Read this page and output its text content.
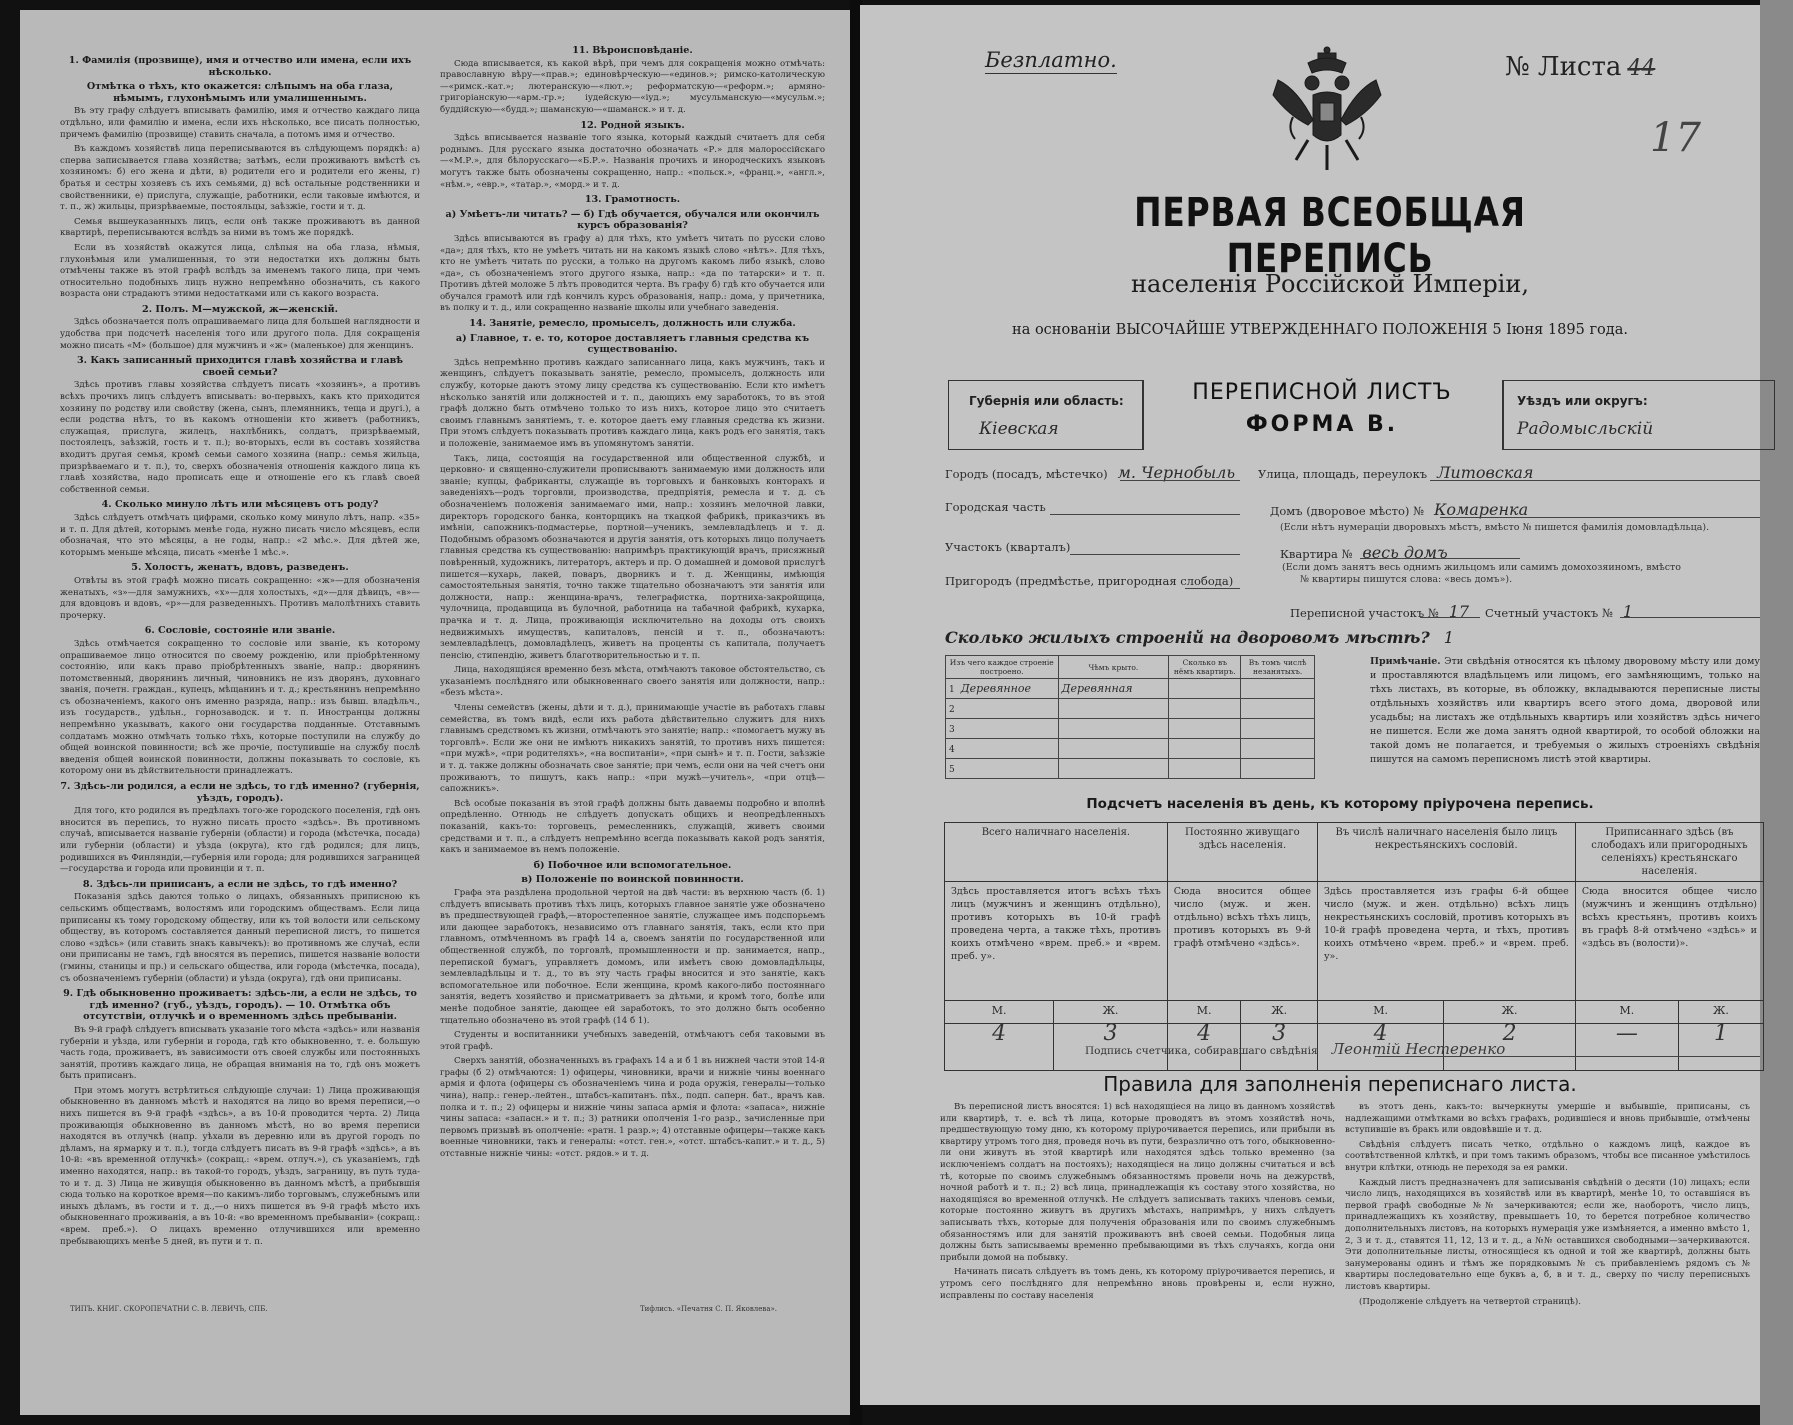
1. Фамилія (прозвище), имя и отчество или имена, если ихъ нѣсколько.
Отмѣтка о тѣхъ, кто окажется: слѣпымъ на оба глаза, нѣмымъ, глухонѣмымъ или умалишеннымъ.

Въ эту графу слѣдуетъ вписывать фамилію, имя и отчество каждаго лица отдѣльно, или фамилію и имена, если ихъ нѣсколько, все писать полностью, причемъ фамилію (прозвище) ставить сначала, а потомъ имя и отчество.

Въ каждомъ хозяйствѣ лица переписываются въ слѣдующемъ порядкѣ: а) сперва записывается глава хозяйства; затѣмъ, если проживаютъ вмѣстѣ съ хозяиномъ: б) его жена и дѣти, в) родители его и родители его жены, г) братья и сестры хозяевъ съ ихъ семьями, д) всѣ остальные родственники и свойственники, е) прислуга, служащіе, работники, если таковые имѣются, и т. п., ж) жильцы, призрѣваемые, постояльцы, заѣзжіе, гости и т. д.

Семья вышеуказанныхъ лицъ, если онѣ также проживаютъ въ данной квартирѣ, переписываются вслѣдъ за ними въ томъ же порядкѣ.

Если въ хозяйствѣ окажутся лица, слѣпыя на оба глаза, нѣмыя, глухонѣмыя или умалишенныя, то эти недостатки ихъ должны быть отмѣчены также въ этой графѣ вслѣдъ за именемъ такого лица, при чемъ относительно подобныхъ лицъ нужно непремѣнно обозначить, съ какого возраста они страдаютъ этими недостатками или съ какого возраста.

2. Полъ. М—мужской, ж—женскій.

Здѣсь обозначается полъ опрашиваемаго лица для большей наглядности и удобства при подсчетѣ населенія того или другого пола. Для сокращенія можно писать «М» (большое) для мужчинъ и «ж» (маленькое) для женщинъ.

3. Какъ записанный приходится главѣ хозяйства и главѣ своей семьи?

Здѣсь противъ главы хозяйства слѣдуетъ писать «хозяинъ», а противъ всѣхъ прочихъ лицъ слѣдуетъ вписывать: во-первыхъ, какъ кто приходится хозяину по родству или свойству (жена, сынъ, племянникъ, теща и другі.), а если родства нѣтъ, то въ какомъ отношеніи кто живетъ (работникъ, служащая, прислуга, жилецъ, нахлѣбникъ, солдатъ, призрѣваемый, постоялецъ, заѣзжій, гость и т. п.); во-вторыхъ, если въ составъ хозяйства входитъ другая семья, кромѣ семьи самого хозяина (напр.: семья жильца, призрѣваемаго и т. п.), то, сверхъ обозначенія отношенія каждого лица къ главѣ хозяйства, надо прописать еще и отношеніе его къ главѣ своей собственной семьи.

4. Сколько минуло лѣтъ или мѣсяцевъ отъ роду?

Здѣсь слѣдуетъ отмѣчать цифрами, сколько кому минуло лѣтъ, напр. «35» и т. п. Для дѣтей, которымъ менѣе года, нужно писать число мѣсяцевъ, если обозначая, что это мѣсяцы, а не годы, напр.: «2 мѣс.». Для дѣтей же, которымъ меньше мѣсяца, писать «менѣе 1 мѣс.».

5. Холостъ, женатъ, вдовъ, разведенъ.

Отвѣты въ этой графѣ можно писать сокращенно: «ж»—для обозначенія женатыхъ, «з»—для замужнихъ, «х»—для холостыхъ, «д»—для дѣвицъ, «в»—для вдовцовъ и вдовъ, «р»—для разведенныхъ. Противъ малолѣтнихъ ставить прочерку.

6. Сословіе, состояніе или званіе.

Здѣсь отмѣчается сокращенно то сословіе или званіе, къ которому опрашиваемое лицо относится по своему рожденію, или пріобрѣтенному состоянію, или какъ право пріобрѣтенныхъ званіе, напр.: дворянинъ потомственный, дворянинъ личный, чиновникъ не изъ дворянъ, духовнаго званія, почетн. граждан., купецъ, мѣщанинъ и т. д.; крестьянинъ непремѣнно съ обозначеніемъ, какого онъ именно разряда, напр.: изъ бывш. владѣльч., изъ государств., удѣльн., горнозаводск. и т. п. Иностранцы должны непремѣнно указывать, какого они государства подданные. Отставнымъ солдатамъ можно отмѣчать только тѣхъ, которые поступили на службу до общей воинской повинности; всѣ же прочіе, поступившіе на службу послѣ введенія общей воинской повинности, должны показывать то сословіе, къ которому они въ дѣйствительности принадлежатъ.

7. Здѣсь-ли родился, а если не здѣсь, то гдѣ именно? (губернія, уѣздъ, городъ).

Для того, кто родился въ предѣлахъ того-же городского поселенія, гдѣ онъ вносится въ перепись, то нужно писать просто «здѣсь». Въ противномъ случаѣ, вписывается названіе губерніи (области) и города (мѣстечка, посада) или губерніи (области) и уѣзда (округа), кто гдѣ родился; для лицъ, родившихся въ Финляндіи,—губернія или города; для родившихся заграницей—государства и города или провинціи и т. п.

8. Здѣсь-ли приписанъ, а если не здѣсь, то гдѣ именно?

Показанія здѣсь даются только о лицахъ, обязанныхъ приписною къ сельскимъ обществамъ, волостямъ или городскимъ обществамъ. Если лица приписаны къ тому городскому обществу, или къ той волости или сельскому обществу, въ которомъ составляется данный переписной листъ, то пишется слово «здѣсь» (или ставить знакъ кавычекъ): во противномъ же случаѣ, если они приписаны не тамъ, гдѣ вносятся въ перепись, пишется названіе волости (гмины, станицы и пр.) и сельскаго общества, или города (мѣстечка, посада), съ обозначеніемъ губерніи (области) и уѣзда (округа), гдѣ они приписаны.

9. Гдѣ обыкновенно проживаетъ: здѣсь-ли, а если не здѣсь, то гдѣ именно? (губ., уѣздъ, городъ). — 10. Отмѣтка объ отсутствіи, отлучкѣ и о временномъ здѣсь пребываніи.

Въ 9-й графѣ слѣдуетъ вписывать указаніе того мѣста «здѣсь» или названія губерніи и уѣзда, или губерніи и города, гдѣ кто обыкновенно, т. е. большую часть года, проживаетъ, въ зависимости отъ своей службы или постоянныхъ занятій, противъ каждаго лица, не обращая вниманія на то, гдѣ онъ можетъ быть приписанъ.

При этомъ могутъ встрѣтиться слѣдующіе случаи: 1) Лица проживающія обыкновенно въ данномъ мѣстѣ и находятся на лицо во время переписи,—о нихъ пишется въ 9-й графѣ «здѣсь», а въ 10-й проводится черта. 2) Лица проживающія обыкновенно въ данномъ мѣстѣ, но во время переписи находятся въ отлучкѣ (напр. уѣхали въ деревню или въ другой городъ по дѣламъ, на ярмарку и т. п.), тогда слѣдуетъ писать въ 9-й графѣ «здѣсь», а въ 10-й: «въ временной отлучкѣ» (сокращ.: «врем. отлуч.»), съ указаніемъ, гдѣ именно находятся, напр.: въ такой-то городъ, уѣздъ, заграницу, въ путь туда-то и т. д. 3) Лица не живущія обыкновенно въ данномъ мѣстѣ, а прибывшія сюда только на короткое время—по какимъ-либо торговымъ, служебнымъ или иныхъ дѣламъ, въ гости и т. д.,—о нихъ пишется въ 9-й графѣ мѣсто ихъ обыкновеннаго проживанія, а въ 10-й: «во временномъ пребываніи» (сокращ.: «врем. преб.»). О лицахъ временно отлучившихся или временно пребывающихъ менѣе 5 дней, въ пути и т. п.

11. Вѣроисповѣданіе.

Сюда вписывается, къ какой вѣрѣ, при чемъ для сокращенія можно отмѣчать: православную вѣру—«прав.»; единовѣрческую—«единов.»; римско-католическую—«римск.-кат.»; лютеранскую—«лют.»; реформатскую—«реформ.»; армяно-григоріанскую—«арм.-гр.»; іудейскую—«іуд.»; мусульманскую—«мусульм.»; буддійскую—«будд.»; шаманскую—«шаманск.» и т. д.

12. Родной языкъ.

Здѣсь вписывается названіе того языка, который каждый считаетъ для себя роднымъ. Для русскаго языка достаточно обозначать «Р.» для малороссійскаго—«М.Р.», для бѣлорусскаго—«Б.Р.». Названія прочихъ и инородческихъ языковъ могутъ также быть обозначены сокращенно, напр.: «польск.», «франц.», «англ.», «нѣм.», «евр.», «татар.», «морд.» и т. д.

13. Грамотность.
а) Умѣетъ-ли читать? — б) Гдѣ обучается, обучался или окончилъ курсъ образованія?

Здѣсь вписываются въ графу а) для тѣхъ, кто умѣетъ читать по русски слово «да»; для тѣхъ, кто не умѣетъ читать ни на какомъ языкѣ слово «нѣтъ». Для тѣхъ, кто не умѣетъ читать по русски, а только на другомъ какомъ либо языкѣ, слово «да», съ обозначеніемъ этого другого языка, напр.: «да по татарски» и т. п. Противъ дѣтей моложе 5 лѣтъ проводится черта. Въ графу б) гдѣ кто обучается или обучался грамотѣ или гдѣ кончилъ курсъ образованія, напр.: дома, у причетника, въ полку и т. д., или сокращенно названіе школы или учебнаго заведенія.

14. Занятіе, ремесло, промыселъ, должность или служба.
а) Главное, т. е. то, которое доставляетъ главныя средства къ существованію.

Здѣсь непремѣнно противъ каждаго записаннаго лица, какъ мужчинъ, такъ и женщинъ, слѣдуетъ показывать занятіе, ремесло, промыселъ, должность или службу, которые даютъ этому лицу средства къ существованію. Если кто имѣетъ нѣсколько занятій или должностей и т. п., дающихъ ему заработокъ, то въ этой графѣ должно быть отмѣчено только то изъ нихъ, которое лицо это считаетъ своимъ главнымъ занятіемъ, т. е. которое даетъ ему главныя средства къ жизни. При этомъ слѣдуетъ показывать противъ каждаго лица, какъ родъ его занятія, такъ и положеніе, занимаемое имъ въ упомянутомъ занятіи.

Такъ, лица, состоящія на государственной или общественной службѣ, и церковно- и священно-служители прописываютъ занимаемую ими должность или званіе; купцы, фабриканты, служащіе въ торговыхъ и банковыхъ конторахъ и заведеніяхъ—родъ торговли, производства, предпріятія, ремесла и т. д. съ обозначеніемъ положенія занимаемаго ими, напр.: хозяинъ мелочной лавки, директоръ городского банка, конторщикъ на ткацкой фабрикѣ, приказчикъ въ имѣніи, сапожникъ-подмастерье, портной—ученикъ, землевладѣлецъ и т. д. Подобнымъ образомъ обозначаются и другія занятія, отъ которыхъ лицо получаетъ главныя средства къ существованію: напримѣръ практикующій врачъ, присяжный повѣренный, художникъ, литераторъ, актеръ и пр. О домашней и домовой прислугѣ пишется—кухарь, лакей, поваръ, дворникъ и т. д. Женщины, имѣющія самостоятельныя занятія, точно также тщательно обозначаютъ эти занятія или должности, напр.: женщина-врачъ, телеграфистка, портниха-закройщица, чулочница, продавщица въ булочной, работница на табачной фабрикѣ, кухарка, прачка и т. д. Лица, проживающія исключительно на доходы отъ своихъ недвижимыхъ имуществъ, капиталовъ, пенсій и т. п., обозначаютъ: землевладѣлецъ, домовладѣлецъ, живетъ на проценты съ капитала, получаетъ пенсію, стипендію, живетъ благотворительностью и т. п.

Лица, находящіяся временно безъ мѣста, отмѣчаютъ таковое обстоятельство, съ указаніемъ послѣдняго или обыкновеннаго своего занятія или должности, напр.: «безъ мѣста».

Члены семействъ (жены, дѣти и т. д.), принимающіе участіе въ работахъ главы семейства, въ томъ видѣ, если ихъ работа дѣйствительно служитъ для нихъ главнымъ средствомъ къ жизни, отмѣчаютъ это занятіе; напр.: «помогаетъ мужу въ торговлѣ». Если же они не имѣютъ никакихъ занятій, то противъ нихъ пишется: «при мужѣ», «при родителяхъ», «на воспитаніи», «при сынѣ» и т. п. Гости, заѣзжіе и т. д. также должны обозначать свое занятіе; при чемъ, если они на чей счетъ они проживаютъ, то пишутъ, какъ напр.: «при мужѣ—учитель», «при отцѣ—сапожникъ».

Всѣ особые показанія въ этой графѣ должны быть даваемы подробно и вполнѣ опредѣленно. Отнюдь не слѣдуетъ допускать общихъ и неопредѣленныхъ показаній, какъ-то: торговецъ, ремесленникъ, служащій, живетъ своими средствами и т. п., а слѣдуетъ непремѣнно всегда показывать какой родъ занятія, какъ и занимаемое въ немъ положеніе.

б) Побочное или вспомогательное.
в) Положеніе по воинской повинности.

Графа эта раздѣлена продольной чертой на двѣ части: въ верхнюю часть (б. 1) слѣдуетъ вписывать противъ тѣхъ лицъ, которыхъ главное занятіе уже обозначено въ предшествующей графѣ,—второстепенное занятіе, служащее имъ подспорьемъ или дающее заработокъ, независимо отъ главнаго занятія, такъ, если кто при главномъ, отмѣченномъ въ графѣ 14 а, своемъ занятіи по государственной или общественной службѣ, по торговлѣ, промышленности и пр. занимается, напр., перепиской бумагъ, управляетъ домомъ, или имѣетъ свою домовладѣльцы, землевладѣльцы и т. д., то въ эту часть графы вносится и это занятіе, какъ вспомогательное или побочное. Если женщина, кромѣ какого-либо постояннаго занятія, ведетъ хозяйство и присматриваетъ за дѣтьми, и кромѣ того, болѣе или менѣе подобное занятіе, дающее ей заработокъ, то это должно быть особенно тщательно обозначено въ этой графѣ (14 б 1).

Студенты и воспитанники учебныхъ заведеній, отмѣчаютъ себя таковыми въ этой графѣ.

Сверхъ занятій, обозначенныхъ въ графахъ 14 а и б 1 въ нижней части этой 14-й графы (б 2) отмѣчаются: 1) офицеры, чиновники, врачи и нижніе чины военнаго армія и флота (офицеры съ обозначеніемъ чина и рода оружія, генералы—только чина), напр.: генер.-лейтен., штабсъ-капитанъ. пѣх., подп. саперн. бат., врачъ кав. полка и т. п.; 2) офицеры и нижніе чины запаса армія и флота: «запаса», нижніе чины запаса: «запасн.» и т. п.; 3) ратники ополченія 1-го разр., зачисленные при первомъ призывѣ въ ополченіе: «ратн. 1 разр.»; 4) отставные офицеры—также какъ военные чиновники, такъ и генералы: «отст. ген.», «отст. штабсъ-капит.» и т. д., 5) отставные нижніе чины: «отст. рядов.» и т. д.

ТИПЪ. КНИГ. СКОРОПЕЧАТНИ С. В. ЛЕВИЧЪ, СПБ.	Тифлисъ. «Печатня С. П. Яковлева».
Безплатно.	№ Листа 44
17
ПЕРВАЯ ВСЕОБЩАЯ ПЕРЕПИСЬ
населенія Россійской Имперіи,
на основаніи ВЫСОЧАЙШЕ УТВЕРЖДЕННАГО ПОЛОЖЕНІЯ 5 Іюня 1895 года.
Губернія или область:
Кіевская
ПЕРЕПИСНОЙ ЛИСТЪ
ФОРМА В.
Уѣздъ или округъ:
Радомысльскій
Городъ (посадъ, мѣстечко) м. Чернобыль Улица, площадь, переулокъ Литовская
Городская часть	Домъ (дворовое мѣсто) № Комаренка
(Если нѣтъ нумераціи дворовыхъ мѣстъ, вмѣсто № пишется фамилія домовладѣльца).
Участокъ (кварталъ)	Квартира № весь домъ
(Если домъ занятъ весь однимъ жильцомъ или самимъ домохозяиномъ, вмѣсто
№ квартиры пишутся слова: «весь домъ»).
Пригородъ (предмѣстье, пригородная слобода)
Переписной участокъ № 17 Счетный участокъ № 1
Сколько жилыхъ строеній на дворовомъ мѣстѣ? 1
Изъ чего каждое строеніе построено.	Чѣмъ крыто.	Сколько въ нёмъ квартиръ.	Въ томъ числѣ незанятыхъ.
1 Деревянное	Деревянная		
2			
3			
4			
5			
Примѣчаніе. Эти свѣдѣнія относятся къ цѣлому дворовому мѣсту или дому и проставляются владѣльцемъ или лицомъ, его замѣняющимъ, только на тѣхъ листахъ, въ которые, въ обложку, вкладываются переписные листы отдѣльныхъ хозяйствъ или квартиръ всего этого дома, дворовой или усадьбы; на листахъ же отдѣльныхъ квартиръ или хозяйствъ здѣсь ничего не пишется. Если же дома занятъ одной квартирой, то особой обложки на такой домъ не полагается, и требуемыя о жилыхъ строеніяхъ свѣдѣнія пишутся на самомъ переписномъ листѣ этой квартиры.
Подсчетъ населенія въ день, къ которому пріурочена перепись.
Всего наличнаго населенія.		Постоянно живущаго здѣсь населенія.		Въ числѣ наличнаго населенія было лицъ некрестьянскихъ сословій.		Приписаннаго здѣсь (въ слободахъ или пригородныхъ селеніяхъ) крестьянскаго населенія.	
Здѣсь проставляется итогъ всѣхъ тѣхъ лицъ (мужчинъ и женщинъ отдѣльно), противъ которыхъ въ 10-й графѣ проведена черта, а также тѣхъ, противъ коихъ отмѣчено «врем. преб.» и «врем. преб. у».		Сюда вносится общее число (муж. и жен. отдѣльно) всѣхъ тѣхъ лицъ, противъ которыхъ въ 9-й графѣ отмѣчено «здѣсь».		Здѣсь проставляется изъ графы 6-й общее число (муж. и жен. отдѣльно) всѣхъ лицъ некрестьянскихъ сословій, противъ которыхъ въ 10-й графѣ проведена черта, и тѣхъ, противъ коихъ отмѣчено «врем. преб.» и «врем. преб. у».		Сюда вносится общее число (мужчинъ и женщинъ отдѣльно) всѣхъ крестьянъ, противъ коихъ въ графѣ 8-й отмѣчено «здѣсь» и «здѣсь въ (волости)».	
М.	Ж.	М.	Ж.	М.	Ж.	М.	Ж.
4	3	4	3	4	2	—	1
Подпись счетчика, собиравшаго свѣдѣнія Леонтій Нестеренко
Правила для заполненія переписнаго листа.

Въ переписной листъ вносятся: 1) всѣ находящіеся на лицо въ данномъ хозяйствѣ или квартирѣ, т. е. всѣ тѣ лица, которые проводятъ въ этомъ хозяйствѣ ночь, предшествующую тому дню, къ которому пріурочивается перепись, или прибыли въ квартиру утромъ того дня, проведя ночь въ пути, безразлично отъ того, обыкновенно-ли они живутъ въ этой квартирѣ или находятся здѣсь только временно (за исключеніемъ солдатъ на постояхъ); находящіеся на лицо должны считаться и всѣ тѣ, которые по своимъ служебнымъ обязанностямъ провели ночь на дежурствѣ, ночной работѣ и т. п.; 2) всѣ лица, принадлежащія къ составу этого хозяйства, но находящіяся во временной отлучкѣ. Не слѣдуетъ записывать такихъ членовъ семьи, которые постоянно живутъ въ другихъ мѣстахъ, напримѣръ, у нихъ слѣдуетъ записывать тѣхъ, которые для полученія образованія или по своимъ служебнымъ обязанностямъ или для занятій проживаютъ внѣ своей семьи. Подобныя лица должны быть записываемы временно пребывающими въ тѣхъ случаяхъ, когда они прибыли домой на побывку.

Начинать писать слѣдуетъ въ томъ день, къ которому пріурочивается перепись, и утромъ сего послѣдняго для непремѣнно вновь провѣрены и, если нужно, исправлены по составу населенія

въ этотъ день, какъ-то: вычеркнуты умершіе и выбывшіе, приписаны, съ надлежащими отмѣтками во всѣхъ графахъ, родившіеся и вновь прибывшіе, отмѣчены вступившіе въ бракъ или овдовѣвшіе и т. д.

Свѣдѣнія слѣдуетъ писать четко, отдѣльно о каждомъ лицѣ, каждое въ соотвѣтственной клѣткѣ, и при томъ такимъ образомъ, чтобы все писанное умѣстилось внутри клѣтки, отнюдь не переходя за ея рамки.

Каждый листъ предназначенъ для записыванія свѣдѣній о десяти (10) лицахъ; если число лицъ, находящихся въ хозяйствѣ или въ квартирѣ, менѣе 10, то оставшіяся въ первой графѣ свободные №№ зачеркиваются; если же, наоборотъ, число лицъ, принадлежащихъ къ хозяйству, превышаетъ 10, то берется потребное количество дополнительныхъ листовъ, на которыхъ нумерація уже измѣняется, а именно вмѣсто 1, 2, 3 и т. д., ставятся 11, 12, 13 и т. д., а №№ оставшихся свободными—зачеркиваются. Эти дополнительные листы, относящіеся къ одной и той же квартирѣ, должны быть занумерованы одинъ и тѣмъ же порядковымъ № съ прибавленіемъ рядомъ съ № квартиры последовательно еще буквъ а, б, в и т. д., сверху по числу переписныхъ листовъ квартиры.

(Продолженіе слѣдуетъ на четвертой страницѣ).
